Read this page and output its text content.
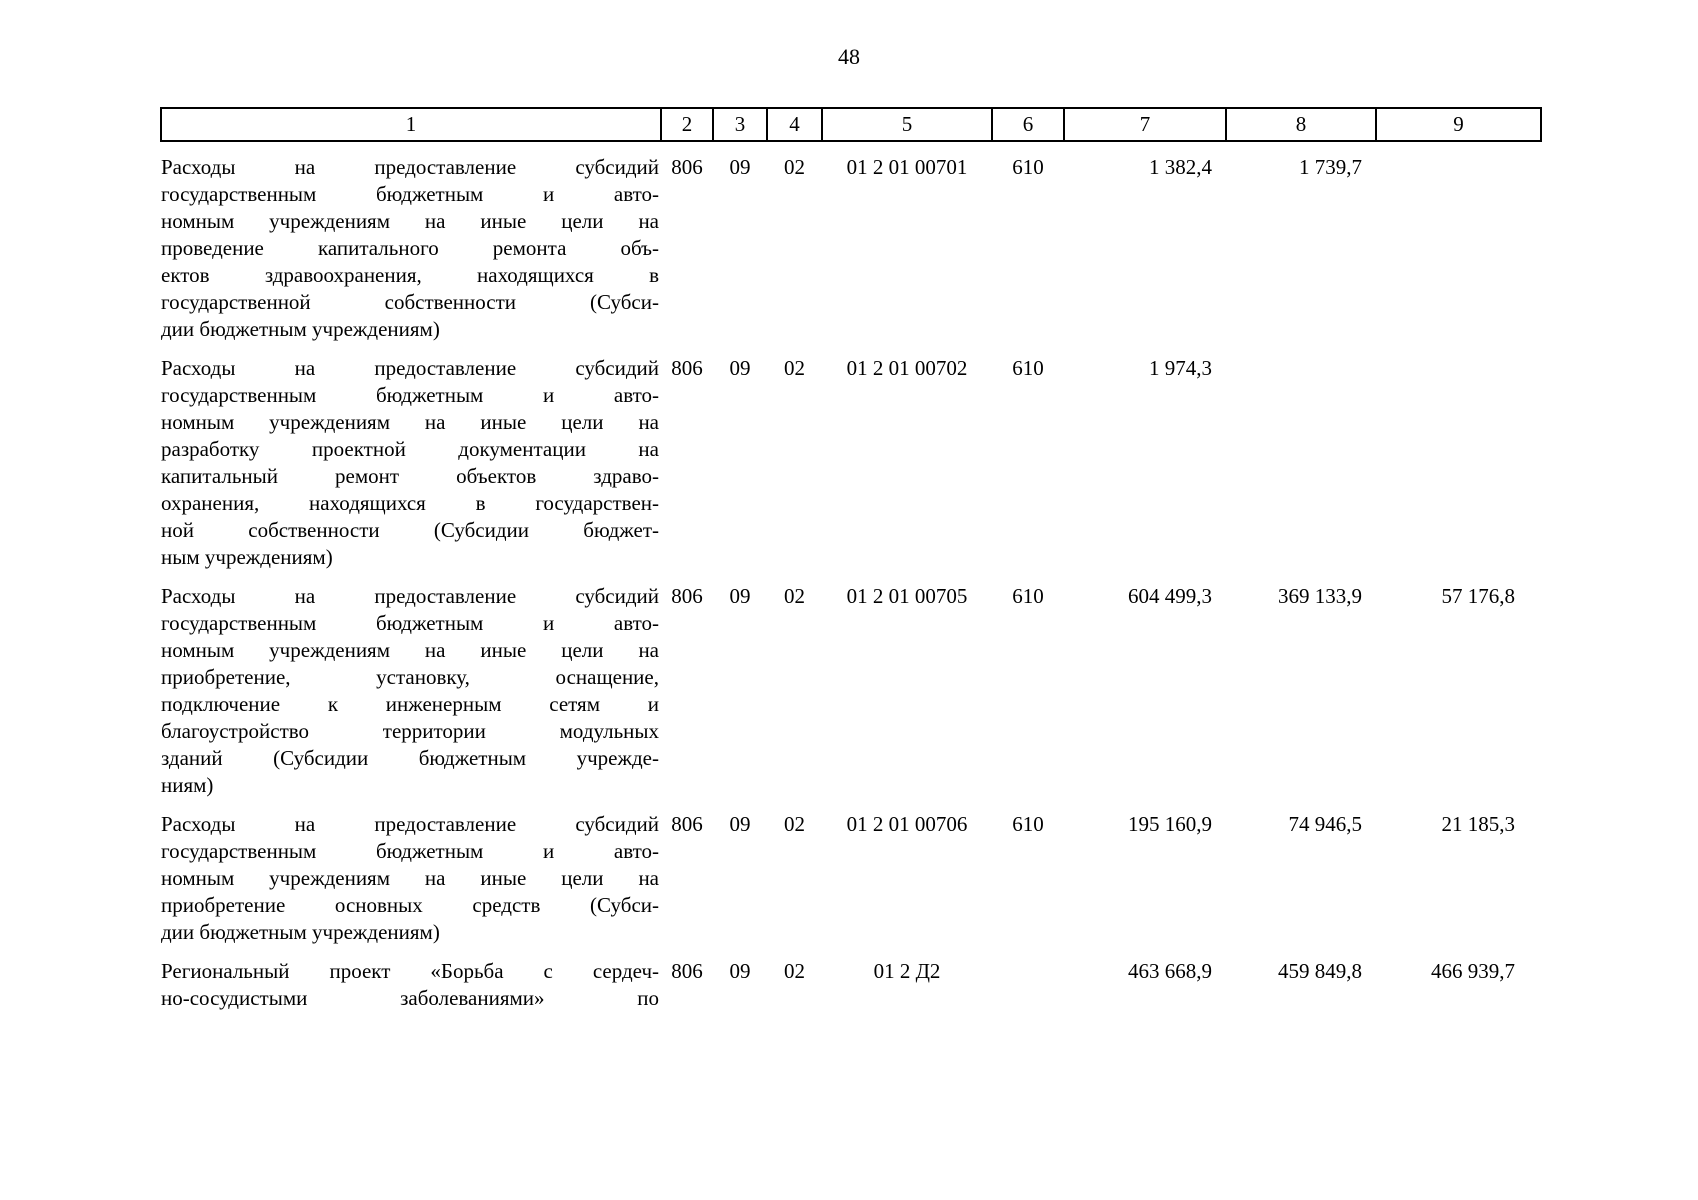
48
1	2	3	4	5	6	7	8	9

Расходы на предоставление субсидий
государственным бюджетным и авто-
номным учреждениям на иные цели на
проведение капитального ремонта объ-
ектов здравоохранения, находящихся в
государственной собственности (Субси-
дии бюджетным учреждениям)
	806	09	02	01 2 01 00701	610	1 382,4	1 739,7	

Расходы на предоставление субсидий
государственным бюджетным и авто-
номным учреждениям на иные цели на
разработку проектной документации на
капитальный ремонт объектов здраво-
охранения, находящихся в государствен-
ной собственности (Субсидии бюджет-
ным учреждениям)
	806	09	02	01 2 01 00702	610	1 974,3		

Расходы на предоставление субсидий
государственным бюджетным и авто-
номным учреждениям на иные цели на
приобретение, установку, оснащение,
подключение к инженерным сетям и
благоустройство территории модульных
зданий (Субсидии бюджетным учрежде-
ниям)
	806	09	02	01 2 01 00705	610	604 499,3	369 133,9	57 176,8

Расходы на предоставление субсидий
государственным бюджетным и авто-
номным учреждениям на иные цели на
приобретение основных средств (Субси-
дии бюджетным учреждениям)	806	09	02	01 2 01 00706	610	195 160,9	74 946,5	21 185,3

Региональный проект «Борьба с сердеч-
но-сосудистыми заболеваниями» по	806	09	02	01 2 Д2		463 668,9	459 849,8	466 939,7
